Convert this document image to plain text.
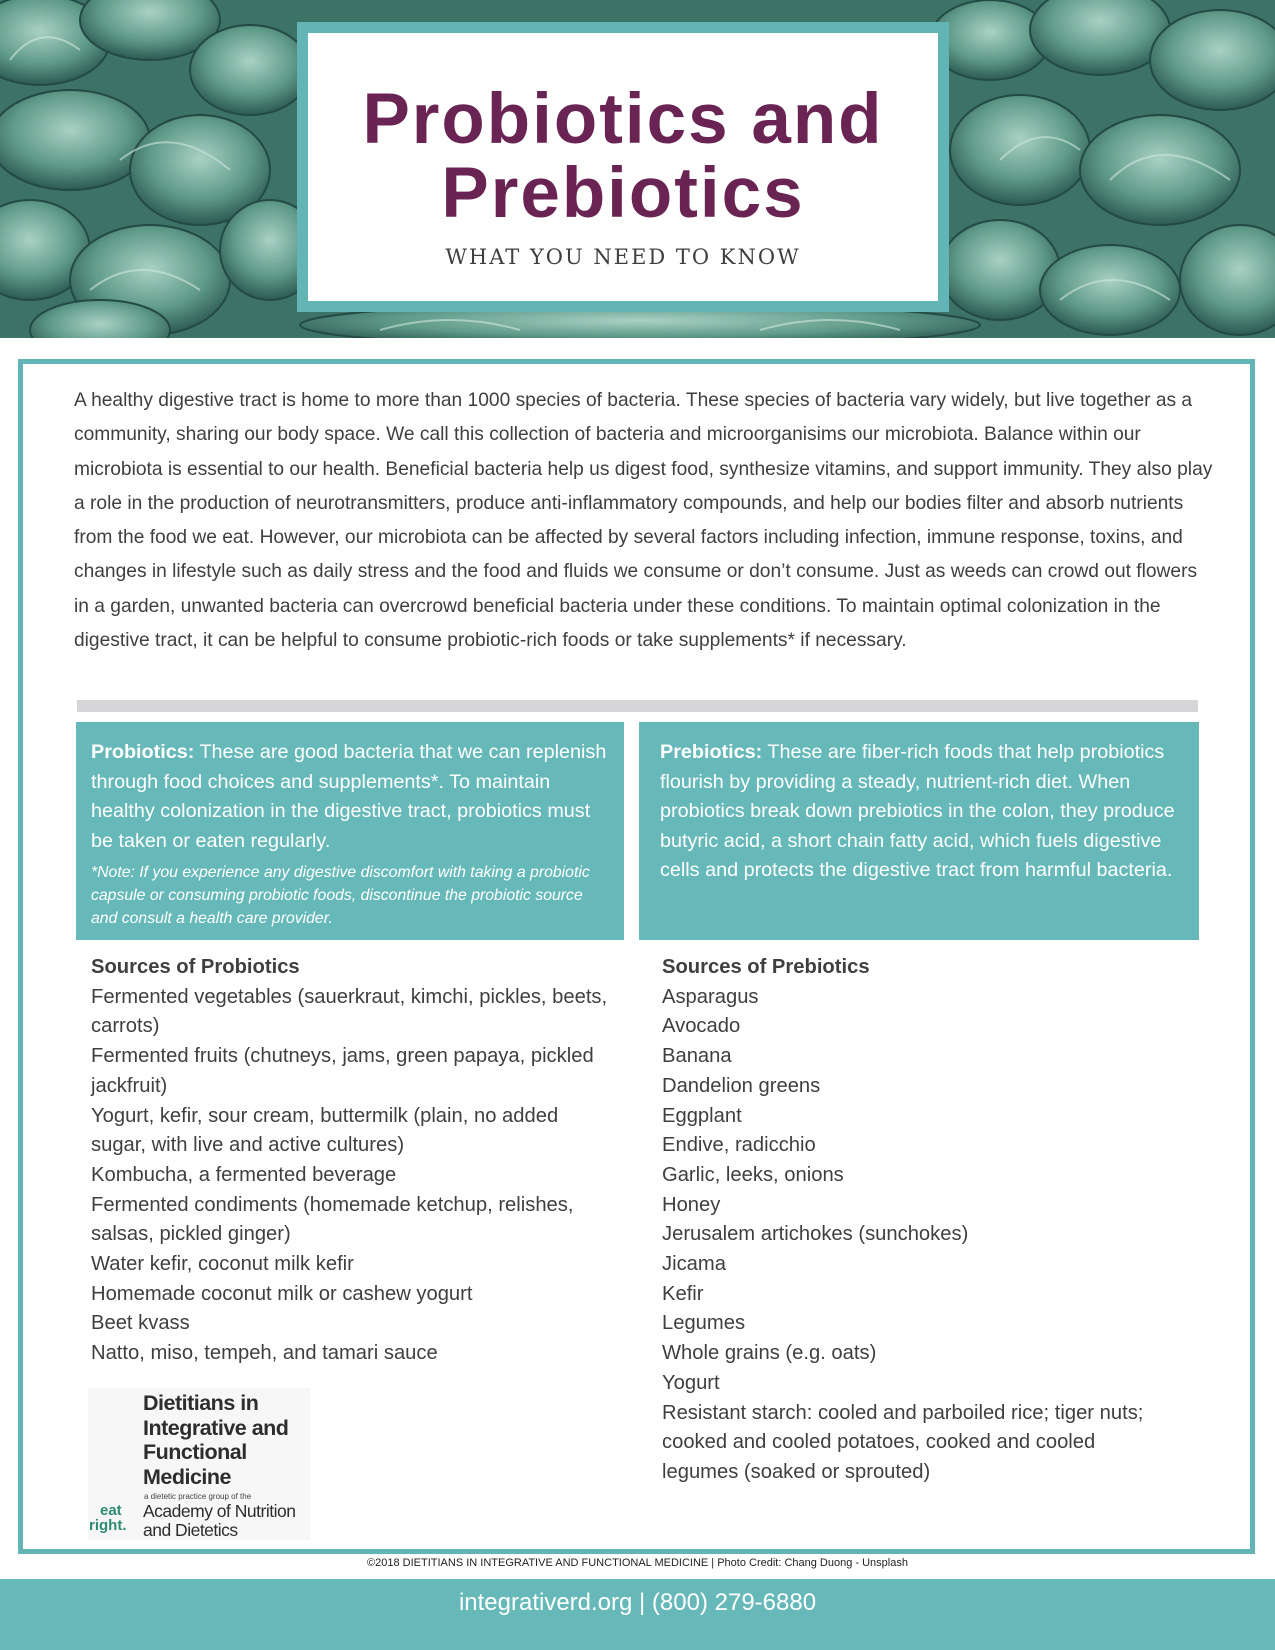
Probiotics and Prebiotics
WHAT YOU NEED TO KNOW

A healthy digestive tract is home to more than 1000 species of bacteria. These species of bacteria vary widely, but live together as a community, sharing our body space. We call this collection of bacteria and microorganisims our microbiota. Balance within our microbiota is essential to our health. Beneficial bacteria help us digest food, synthesize vitamins, and support immunity. They also play a role in the production of neurotransmitters, produce anti-inflammatory compounds, and help our bodies filter and absorb nutrients from the food we eat. However, our microbiota can be affected by several factors including infection, immune response, toxins, and changes in lifestyle such as daily stress and the food and fluids we consume or don’t consume. Just as weeds can crowd out flowers in a garden, unwanted bacteria can overcrowd beneficial bacteria under these conditions. To maintain optimal colonization in the digestive tract, it can be helpful to consume probiotic-rich foods or take supplements* if necessary.

Probiotics: These are good bacteria that we can replenish through food choices and supplements*. To maintain healthy colonization in the digestive tract, probiotics must be taken or eaten regularly.

*Note: If you experience any digestive discomfort with taking a probiotic capsule or consuming probiotic foods, discontinue the probiotic source and consult a health care provider.

Prebiotics: These are fiber-rich foods that help probiotics flourish by providing a steady, nutrient-rich diet. When probiotics break down prebiotics in the colon, they produce butyric acid, a short chain fatty acid, which fuels digestive cells and protects the digestive tract from harmful bacteria.

Sources of Probiotics
Fermented vegetables (sauerkraut, kimchi, pickles, beets, carrots)
Fermented fruits (chutneys, jams, green papaya, pickled jackfruit)
Yogurt, kefir, sour cream, buttermilk (plain, no added sugar, with live and active cultures)
Kombucha, a fermented beverage
Fermented condiments (homemade ketchup, relishes, salsas, pickled ginger)
Water kefir, coconut milk kefir
Homemade coconut milk or cashew yogurt
Beet kvass
Natto, miso, tempeh, and tamari sauce
Sources of Prebiotics
Asparagus
Avocado
Banana
Dandelion greens
Eggplant
Endive, radicchio
Garlic, leeks, onions
Honey
Jerusalem artichokes (sunchokes)
Jicama
Kefir
Legumes
Whole grains (e.g. oats)
Yogurt
Resistant starch: cooled and parboiled rice; tiger nuts; cooked and cooled potatoes, cooked and cooled legumes (soaked or sprouted)
Dietitians in Integrative and Functional Medicine
a dietetic practice group of the
Academy of Nutrition and Dietetics
eat
right.
©2018 DIETITIANS IN INTEGRATIVE AND FUNCTIONAL MEDICINE | Photo Credit: Chang Duong - Unsplash
integrativerd.org | (800) 279-6880
